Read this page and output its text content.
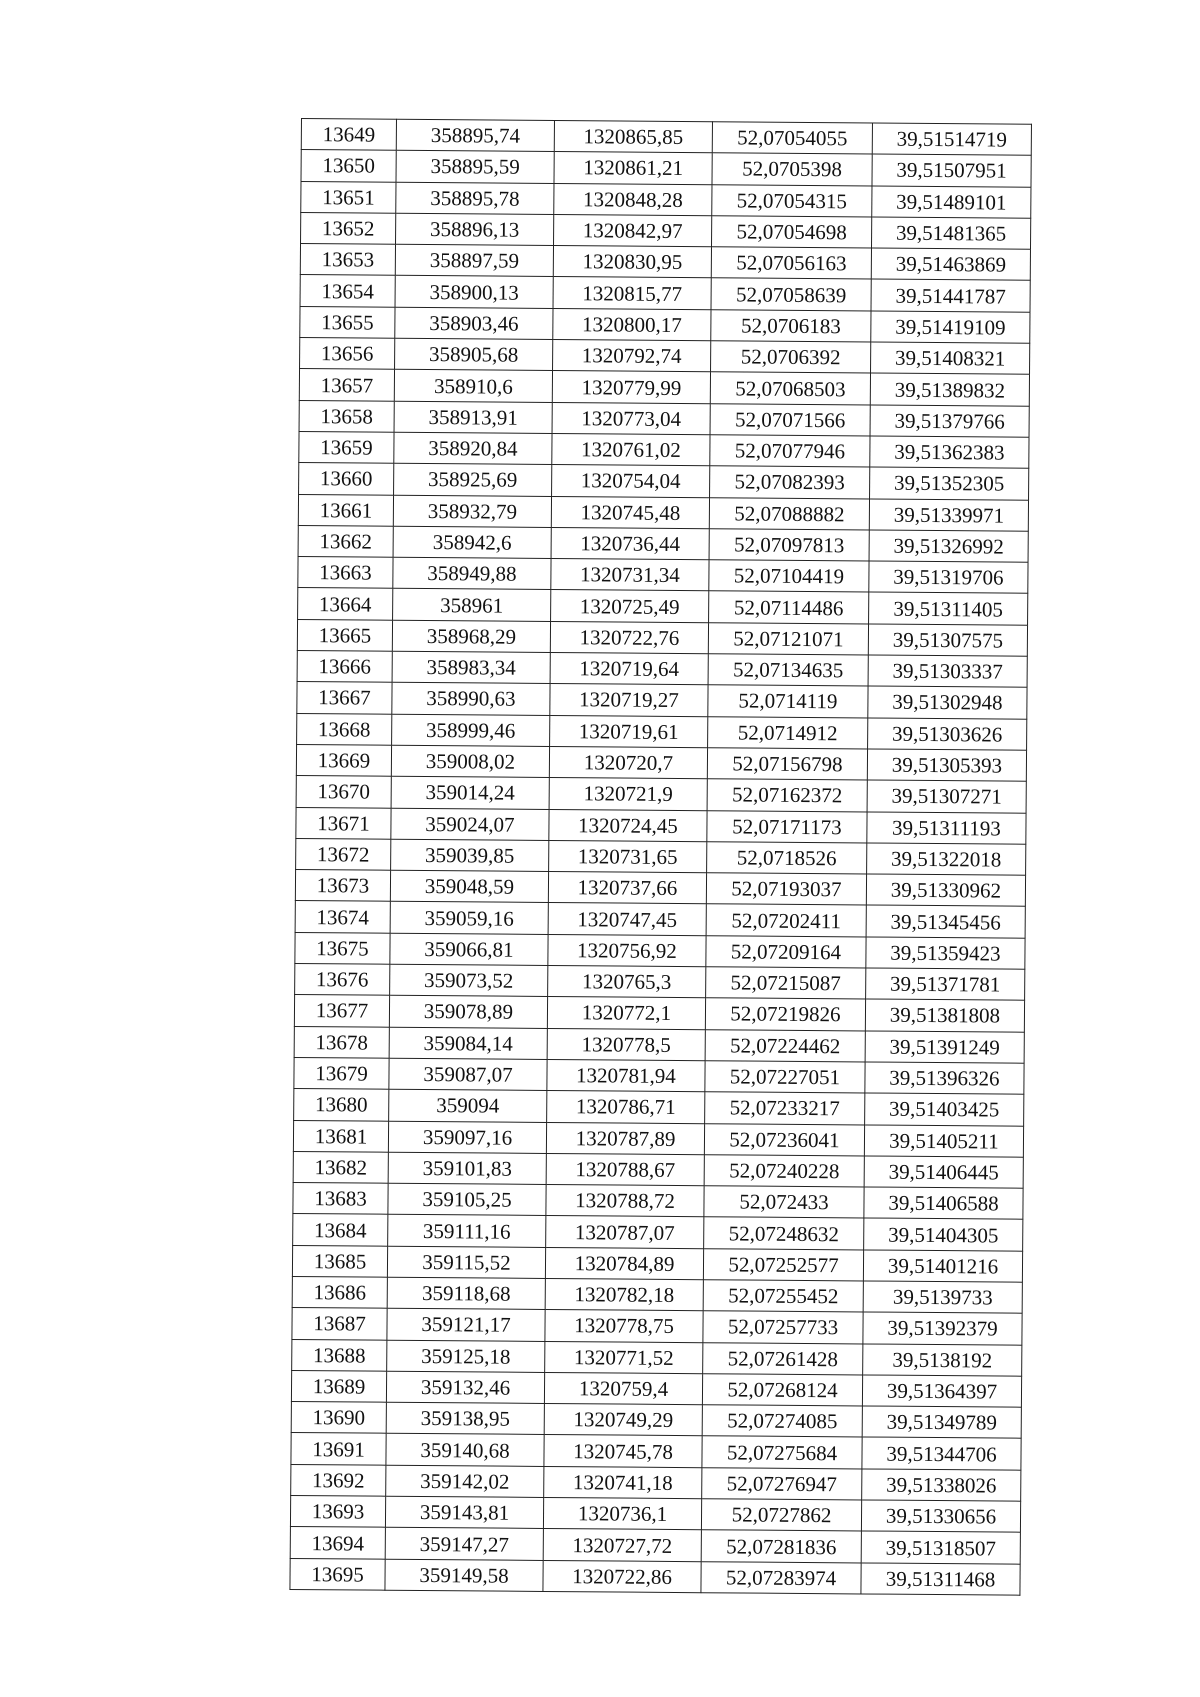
13649	358895,74	1320865,85	52,07054055	39,51514719
13650	358895,59	1320861,21	52,0705398	39,51507951
13651	358895,78	1320848,28	52,07054315	39,51489101
13652	358896,13	1320842,97	52,07054698	39,51481365
13653	358897,59	1320830,95	52,07056163	39,51463869
13654	358900,13	1320815,77	52,07058639	39,51441787
13655	358903,46	1320800,17	52,0706183	39,51419109
13656	358905,68	1320792,74	52,0706392	39,51408321
13657	358910,6	1320779,99	52,07068503	39,51389832
13658	358913,91	1320773,04	52,07071566	39,51379766
13659	358920,84	1320761,02	52,07077946	39,51362383
13660	358925,69	1320754,04	52,07082393	39,51352305
13661	358932,79	1320745,48	52,07088882	39,51339971
13662	358942,6	1320736,44	52,07097813	39,51326992
13663	358949,88	1320731,34	52,07104419	39,51319706
13664	358961	1320725,49	52,07114486	39,51311405
13665	358968,29	1320722,76	52,07121071	39,51307575
13666	358983,34	1320719,64	52,07134635	39,51303337
13667	358990,63	1320719,27	52,0714119	39,51302948
13668	358999,46	1320719,61	52,0714912	39,51303626
13669	359008,02	1320720,7	52,07156798	39,51305393
13670	359014,24	1320721,9	52,07162372	39,51307271
13671	359024,07	1320724,45	52,07171173	39,51311193
13672	359039,85	1320731,65	52,0718526	39,51322018
13673	359048,59	1320737,66	52,07193037	39,51330962
13674	359059,16	1320747,45	52,07202411	39,51345456
13675	359066,81	1320756,92	52,07209164	39,51359423
13676	359073,52	1320765,3	52,07215087	39,51371781
13677	359078,89	1320772,1	52,07219826	39,51381808
13678	359084,14	1320778,5	52,07224462	39,51391249
13679	359087,07	1320781,94	52,07227051	39,51396326
13680	359094	1320786,71	52,07233217	39,51403425
13681	359097,16	1320787,89	52,07236041	39,51405211
13682	359101,83	1320788,67	52,07240228	39,51406445
13683	359105,25	1320788,72	52,072433	39,51406588
13684	359111,16	1320787,07	52,07248632	39,51404305
13685	359115,52	1320784,89	52,07252577	39,51401216
13686	359118,68	1320782,18	52,07255452	39,5139733
13687	359121,17	1320778,75	52,07257733	39,51392379
13688	359125,18	1320771,52	52,07261428	39,5138192
13689	359132,46	1320759,4	52,07268124	39,51364397
13690	359138,95	1320749,29	52,07274085	39,51349789
13691	359140,68	1320745,78	52,07275684	39,51344706
13692	359142,02	1320741,18	52,07276947	39,51338026
13693	359143,81	1320736,1	52,0727862	39,51330656
13694	359147,27	1320727,72	52,07281836	39,51318507
13695	359149,58	1320722,86	52,07283974	39,51311468
